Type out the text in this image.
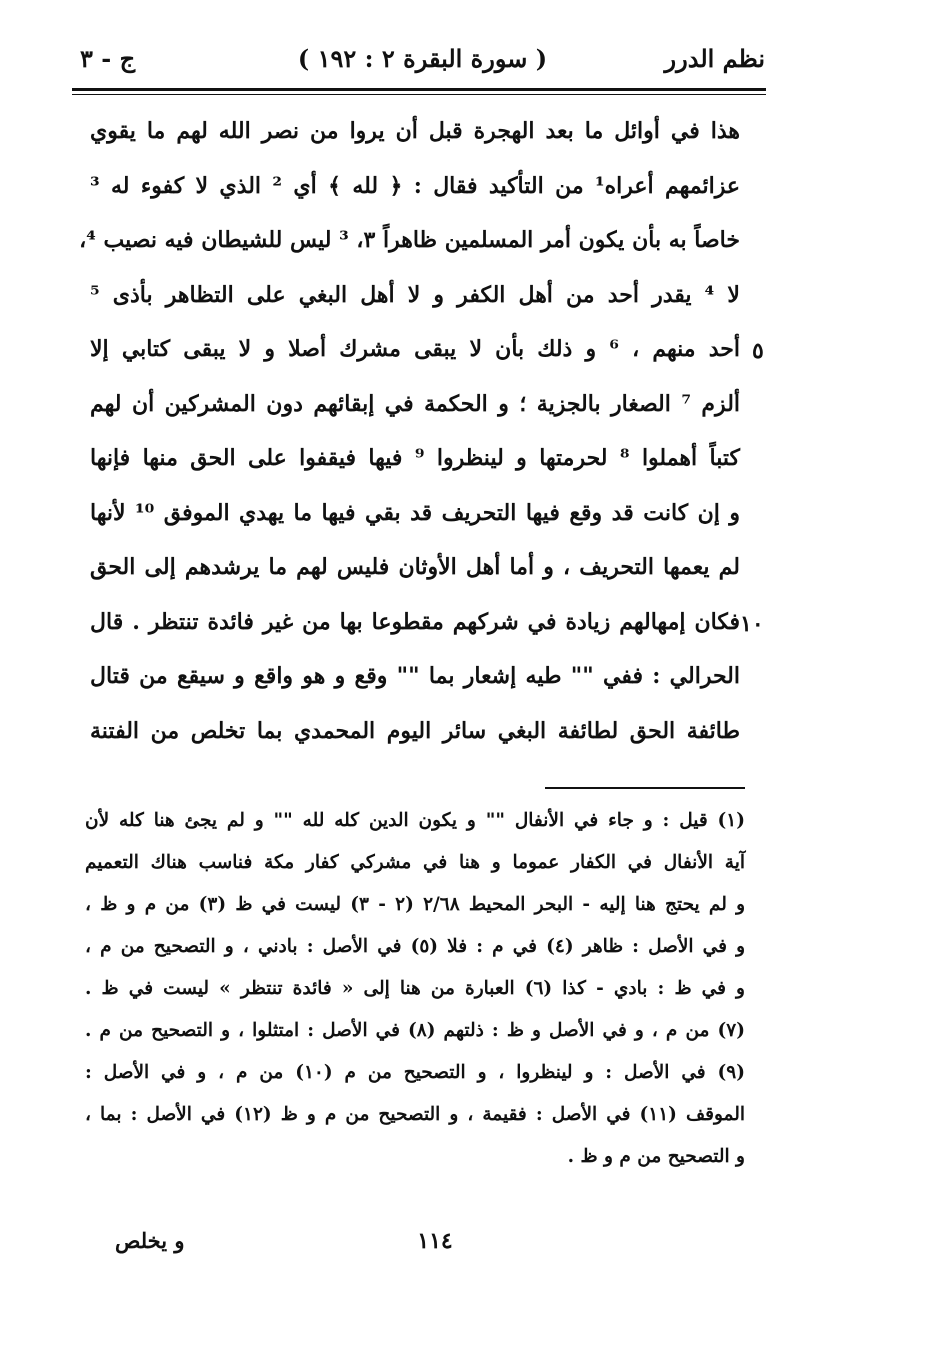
نظم الدرر
( سورة البقرة ٢ : ١٩٢ )
ج - ٣
هذا في أوائل ما بعد الهجرة قبل أن يروا من نصر الله لهم ما يقوي
عزائمهم أعراه¹ من التأكيد فقال : ﴿ لله ﴾ أي ² الذي لا كفوء له ³
خاصاً به بأن يكون أمر المسلمين ظاهراً ٣، ³ ليس للشيطان فيه نصيب ⁴،
لا ⁴ يقدر أحد من أهل الكفر و لا أهل البغي على التظاهر بأذى ⁵
أحد منهم ، ⁶ و ذلك بأن لا يبقى مشرك أصلا و لا يبقى كتابي إلا
ألزم ⁷ الصغار بالجزية ؛ و الحكمة في إبقائهم دون المشركين أن لهم
كتباً أهملوا ⁸ لحرمتها و لينظروا ⁹ فيها فيقفوا على الحق منها فإنها
و إن كانت قد وقع فيها التحريف قد بقي فيها ما يهدي الموفق ¹⁰ لأنها
لم يعمها التحريف ، و أما أهل الأوثان فليس لهم ما يرشدهم إلى الحق
فكان إمهالهم زيادة في شركهم مقطوعا بها من غير فائدة تنتظر . قال
الحرالي : ففي "" طيه إشعار بما "" وقع و هو واقع و سيقع من قتال
طائفة الحق لطائفة البغي سائر اليوم المحمدي بما تخلص من الفتنة
٥
١٠
(١) قيل : و جاء في الأنفال "" و يكون الدين كله لله "" و لم يجئ هنا كله لأن
آية الأنفال في الكفار عموما و هنا في مشركي كفار مكة فناسب هناك التعميم
و لم يحتج هنا إليه - البحر المحيط ٢/٦٨ (٢ - ٣) ليست في ظ (٣) من م و ظ ،
و في الأصل : ظاهر (٤) في م : فلا (٥) في الأصل : بادني ، و التصحيح من م ،
و في ظ : بادي - كذا (٦) العبارة من هنا إلى « فائدة تنتظر » ليست في ظ .
(٧) من م ، و في الأصل و ظ : ذلتهم (٨) في الأصل : امتثلوا ، و التصحيح من م .
(٩) في الأصل : و لينظروا ، و التصحيح من م (١٠) من م ، و في الأصل :
الموقف (١١) في الأصل : فقيمة ، و التصحيح من م و ظ (١٢) في الأصل : بما ،
و التصحيح من م و ظ .
١١٤
و يخلص
